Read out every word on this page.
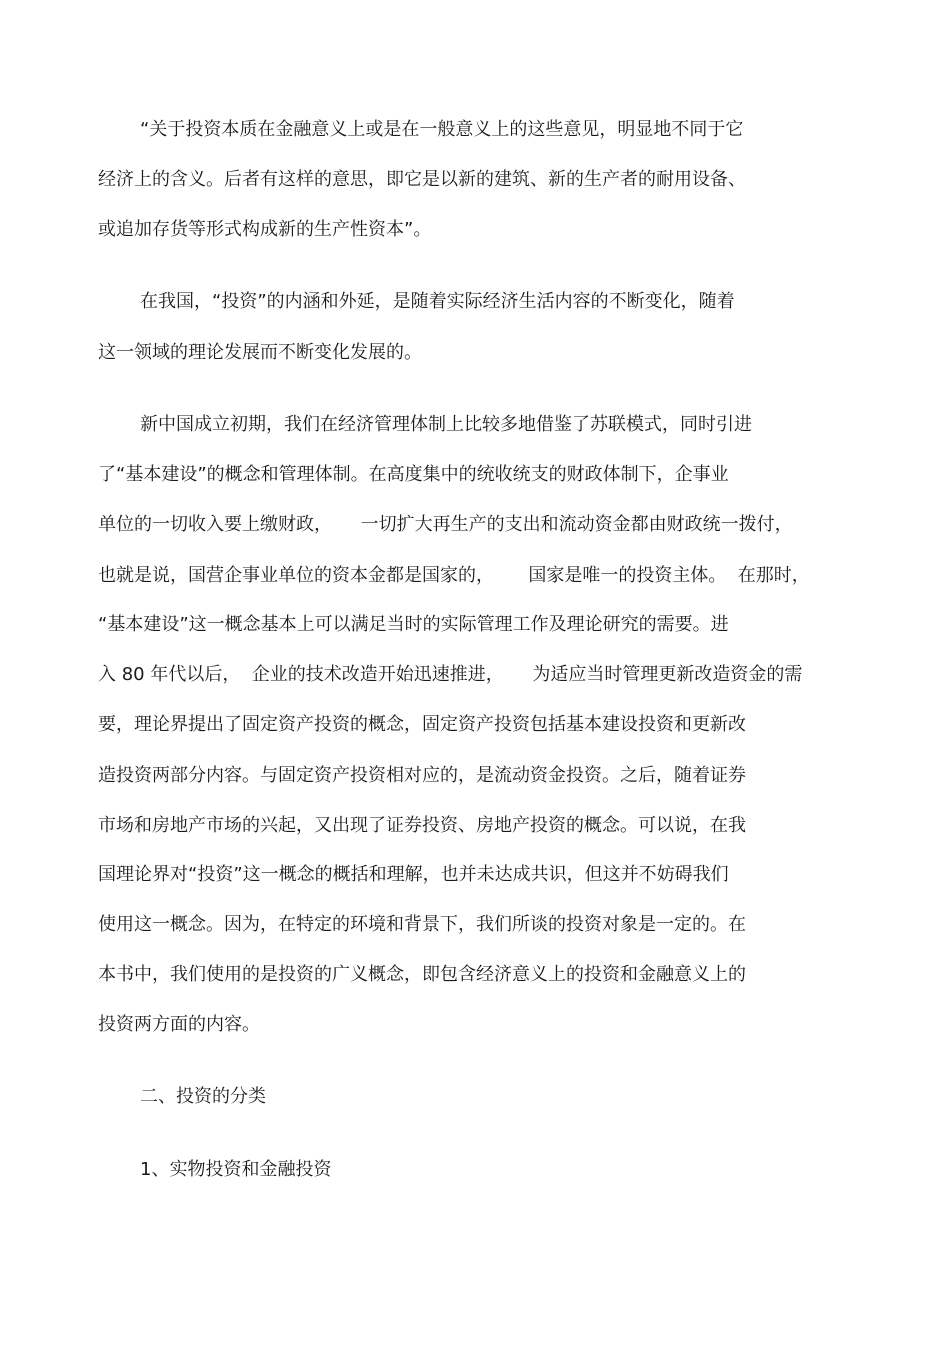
“关于投资本质在金融意义上或是在一般意义上的这些意见，明显地不同于它
经济上的含义。后者有这样的意思，即它是以新的建筑、新的生产者的耐用设备、
或追加存货等形式构成新的生产性资本”。
在我国，“投资”的内涵和外延，是随着实际经济生活内容的不断变化，随着
这一领域的理论发展而不断变化发展的。
新中国成立初期，我们在经济管理体制上比较多地借鉴了苏联模式，同时引进
了“基本建设”的概念和管理体制。在高度集中的统收统支的财政体制下，企事业
单位的一切收入要上缴财政，     一切扩大再生产的支出和流动资金都由财政统一拨付，
也就是说，国营企事业单位的资本金都是国家的，      国家是唯一的投资主体。  在那时，
“基本建设”这一概念基本上可以满足当时的实际管理工作及理论研究的需要。进
入 80 年代以后，  企业的技术改造开始迅速推进，     为适应当时管理更新改造资金的需
要，理论界提出了固定资产投资的概念，固定资产投资包括基本建设投资和更新改
造投资两部分内容。与固定资产投资相对应的，是流动资金投资。之后，随着证券
市场和房地产市场的兴起，又出现了证券投资、房地产投资的概念。可以说，在我
国理论界对“投资”这一概念的概括和理解，也并未达成共识，但这并不妨碍我们
使用这一概念。因为，在特定的环境和背景下，我们所谈的投资对象是一定的。在
本书中，我们使用的是投资的广义概念，即包含经济意义上的投资和金融意义上的
投资两方面的内容。
二、投资的分类
1、实物投资和金融投资
